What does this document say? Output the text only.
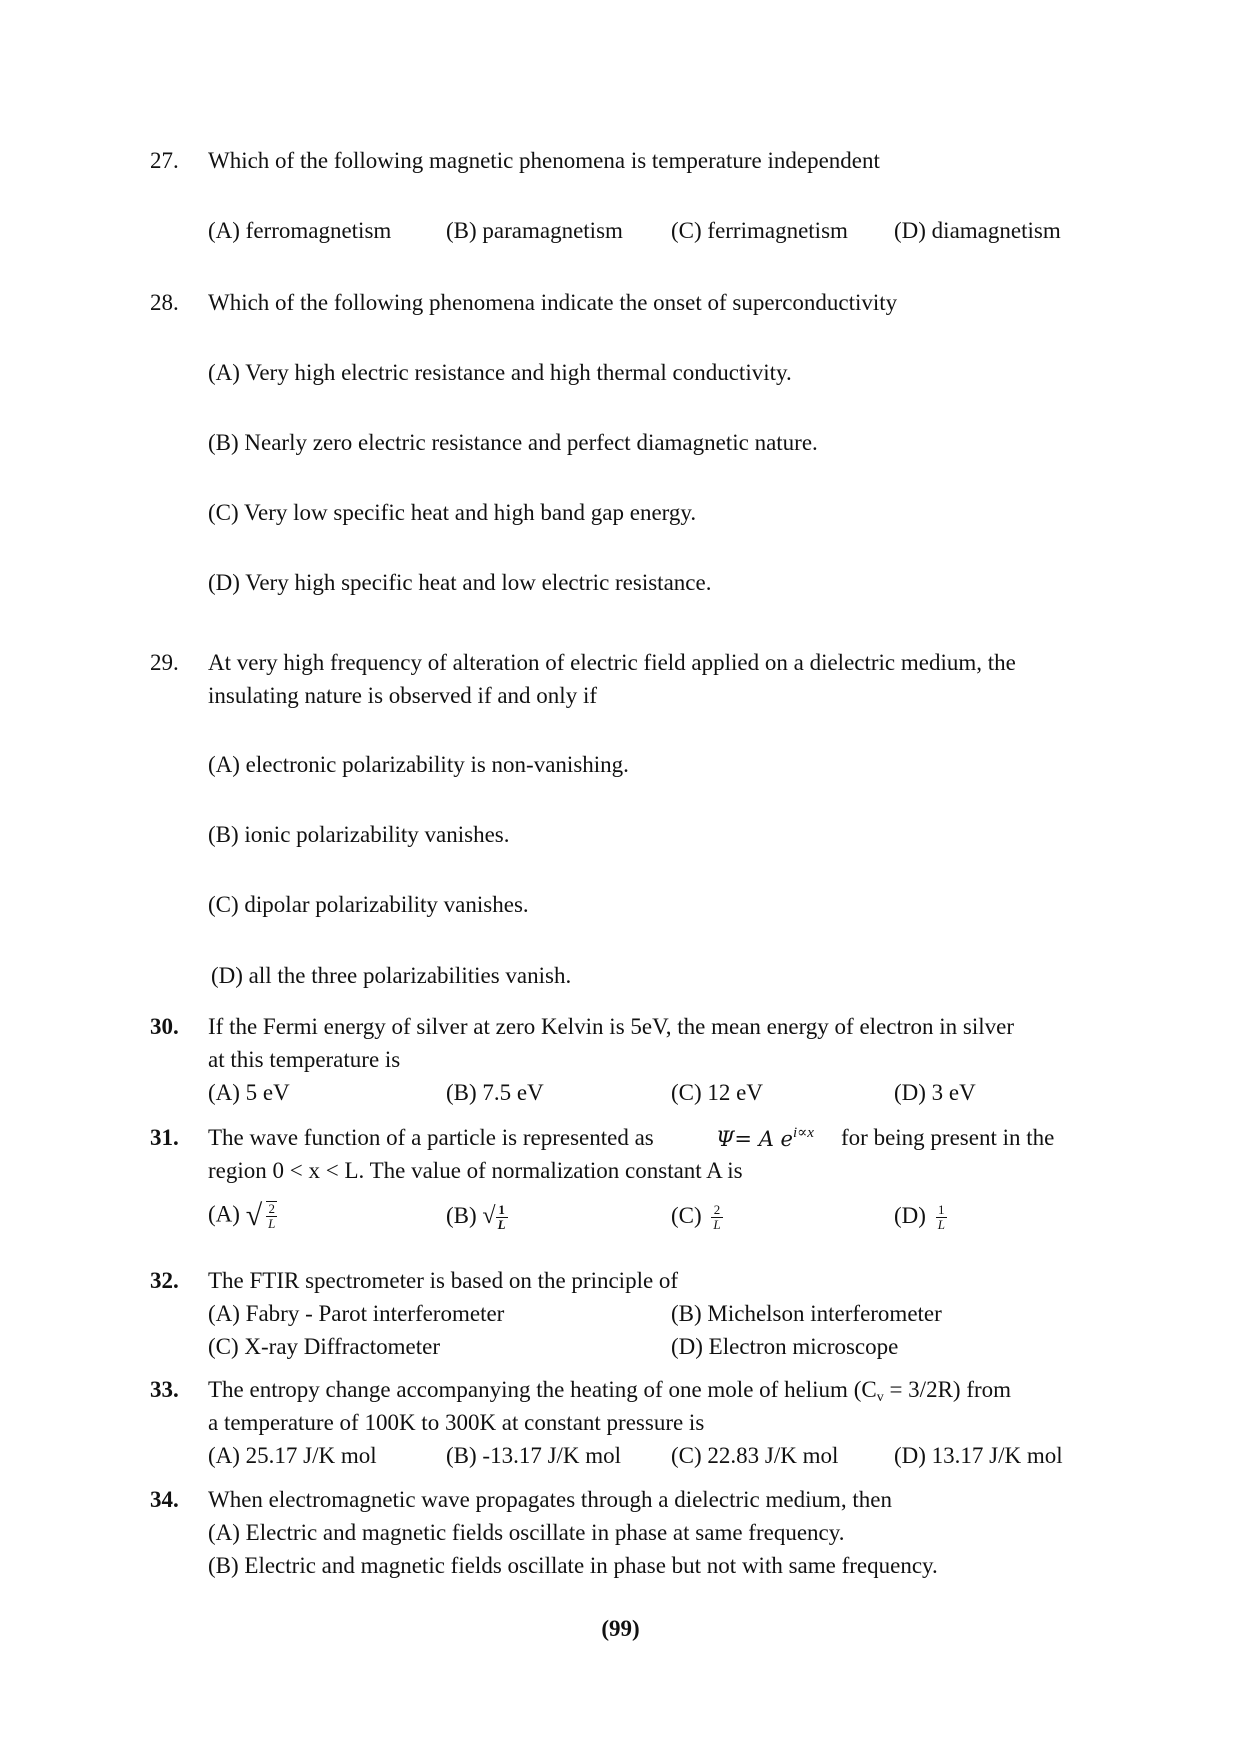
27.	Which of the following magnetic phenomena is temperature independent
(A) ferromagnetism (B) paramagnetism (C) ferrimagnetism (D) diamagnetism
28.	Which of the following phenomena indicate the onset of superconductivity
(A) Very high electric resistance and high thermal conductivity.
(B) Nearly zero electric resistance and perfect diamagnetic nature.
(C) Very low specific heat and high band gap energy.
(D) Very high specific heat and low electric resistance.
29.	At very high frequency of alteration of electric field applied on a dielectric medium, the
insulating nature is observed if and only if
(A) electronic polarizability is non-vanishing.
(B) ionic polarizability vanishes.
(C) dipolar polarizability vanishes.
(D) all the three polarizabilities vanish.
30.	If the Fermi energy of silver at zero Kelvin is 5eV, the mean energy of electron in silver
at this temperature is
(A) 5 eV	(B) 7.5 eV	(C) 12 eV	(D) 3 eV
31.	The wave function of a particle is represented as	Ψ= A $e^{i\propto x}$ for being present in the
region 0 < x < L. The value of normalization constant A is
(A) √ $\frac{2}{L}$	(B) √ $\frac{1}{L}$	$(C) \frac{2}{L}$	$(D) \frac{1}{L}$
32.	The FTIR spectrometer is based on the principle of
(A) Fabry - Parot interferometer	(B) Michelson interferometer
(C) X-ray Diffractometer	(D) Electron microscope
33.	The entropy change accompanying the heating of one mole of helium $(C_v = 3/2R)$ from
a temperature of 100K to 300K at constant pressure is
(A) 25.17 J/K mol	(B) -13.17 J/K mol (C) 22.83 J/K mol (D) 13.17 J/K mol
34.	When electromagnetic wave propagates through a dielectric medium, then
(A) Electric and magnetic fields oscillate in phase at same frequency.
(B) Electric and magnetic fields oscillate in phase but not with same frequency.
(99)
